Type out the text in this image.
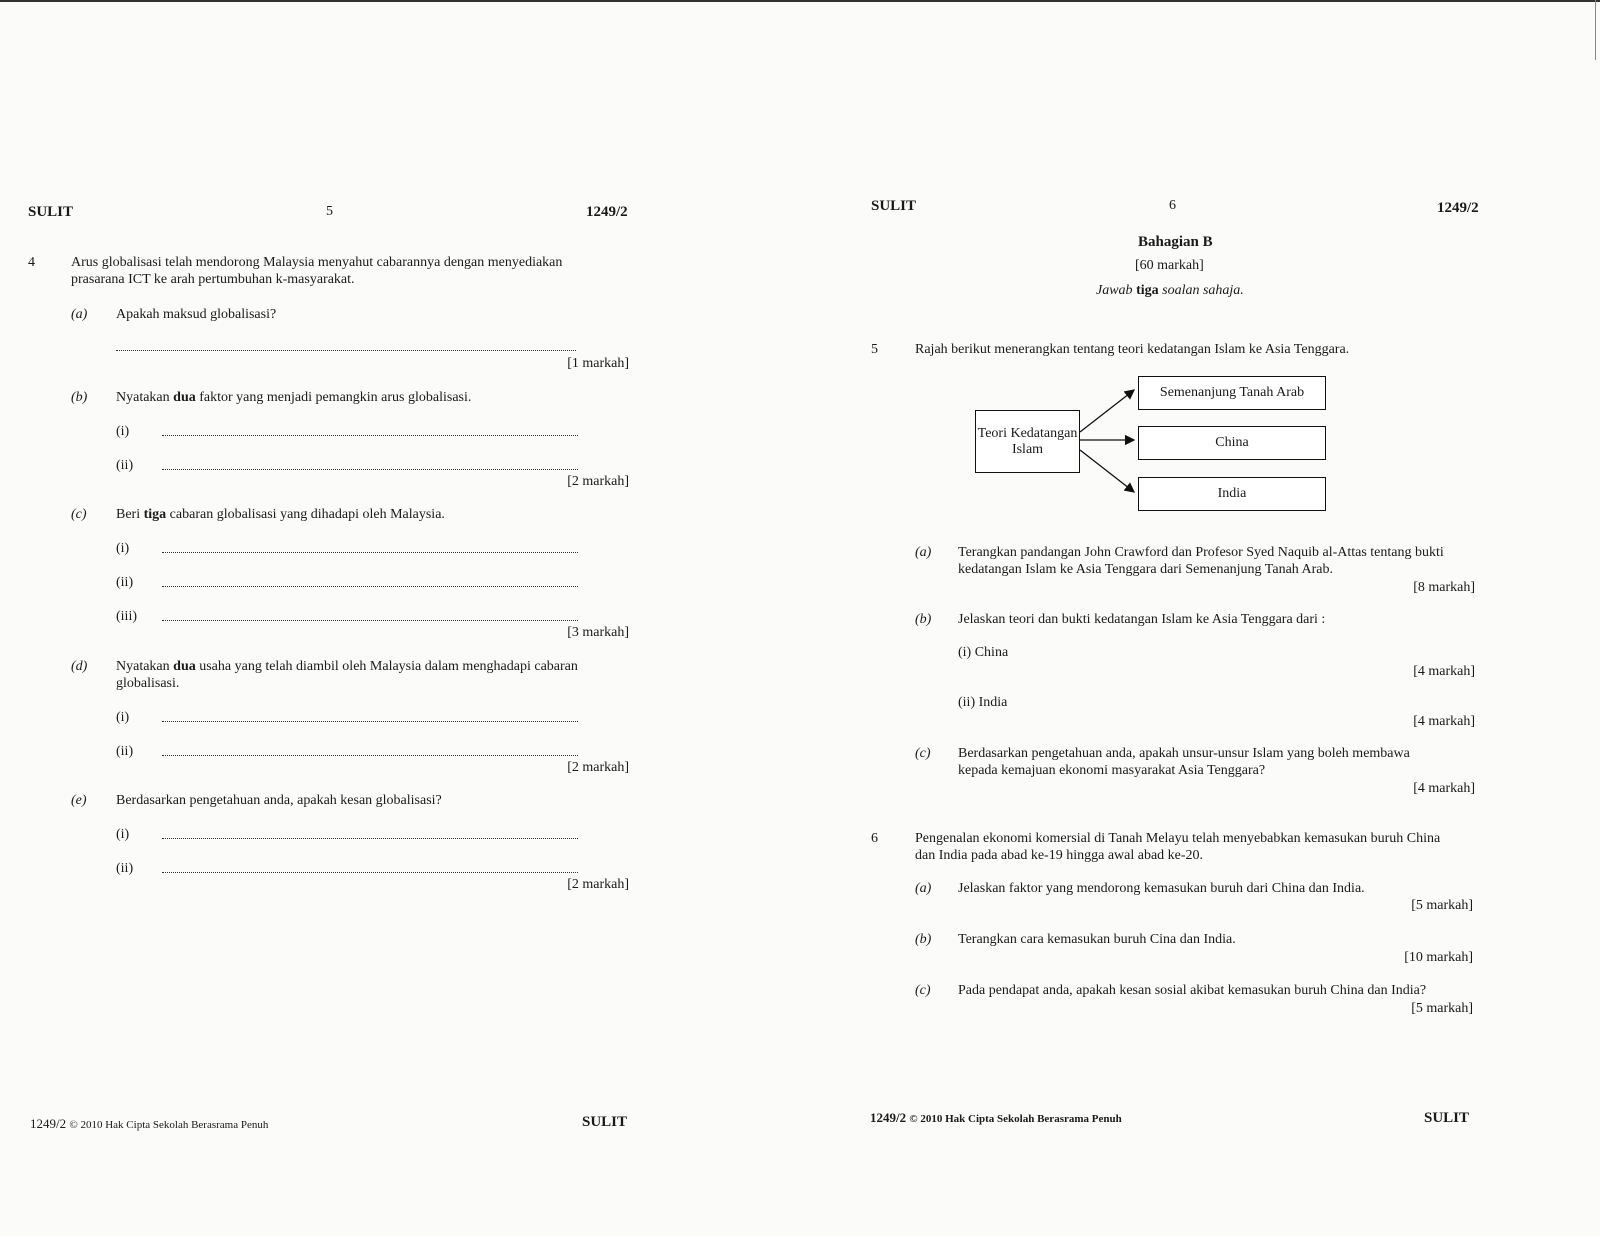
SULIT	5	1249/2
4	Arus globalisasi telah mendorong Malaysia menyahut cabarannya dengan menyediakan
prasarana ICT ke arah pertumbuhan k-masyarakat.
(a) Apakah maksud globalisasi?
[1 markah]
(b) Nyatakan dua faktor yang menjadi pemangkin arus globalisasi.
(i)
(ii)
[2 markah]
(c) Beri tiga cabaran globalisasi yang dihadapi oleh Malaysia.
(i)
(ii)
(iii)
[3 markah]
(d) Nyatakan dua usaha yang telah diambil oleh Malaysia dalam menghadapi cabaran
globalisasi.
(i)
(ii)
[2 markah]
(e) Berdasarkan pengetahuan anda, apakah kesan globalisasi?
(i)
(ii)
[2 markah]
1249/2 © 2010 Hak Cipta Sekolah Berasrama Penuh	SULIT
SULIT	6	1249/2
Bahagian B
[60 markah]
Jawab tiga soalan sahaja.
5	Rajah berikut menerangkan tentang teori kedatangan Islam ke Asia Tenggara.
Teori Kedatangan Islam
Semenanjung Tanah Arab
China
India
(a) Terangkan pandangan John Crawford dan Profesor Syed Naquib al-Attas tentang bukti
kedatangan Islam ke Asia Tenggara dari Semenanjung Tanah Arab.
[8 markah]
(b) Jelaskan teori dan bukti kedatangan Islam ke Asia Tenggara dari :
(i) China
[4 markah]
(ii) India
[4 markah]
(c) Berdasarkan pengetahuan anda, apakah unsur-unsur Islam yang boleh membawa
kepada kemajuan ekonomi masyarakat Asia Tenggara?
[4 markah]
6	Pengenalan ekonomi komersial di Tanah Melayu telah menyebabkan kemasukan buruh China
dan India pada abad ke-19 hingga awal abad ke-20.
(a) Jelaskan faktor yang mendorong kemasukan buruh dari China dan India.
[5 markah]
(b) Terangkan cara kemasukan buruh Cina dan India.
[10 markah]
(c) Pada pendapat anda, apakah kesan sosial akibat kemasukan buruh China dan India?
[5 markah]
1249/2 © 2010 Hak Cipta Sekolah Berasrama Penuh	SULIT
